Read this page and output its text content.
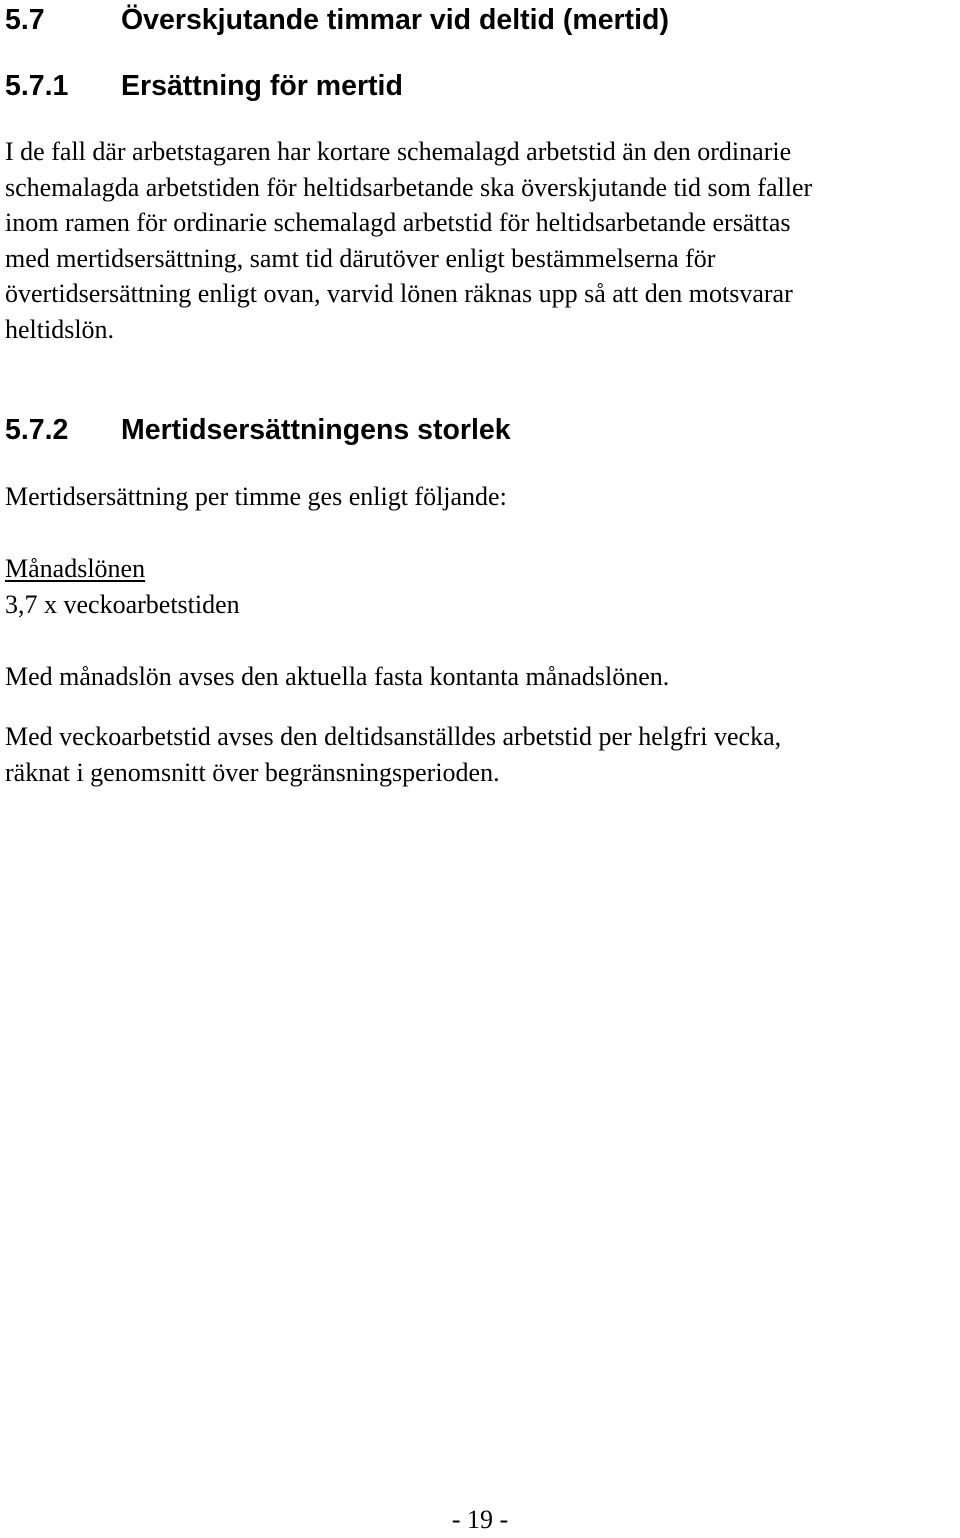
5.7	Överskjutande timmar vid deltid (mertid)
5.7.1 Ersättning för mertid
I de fall där arbetstagaren har kortare schemalagd arbetstid än den ordinarie
schemalagda arbetstiden för heltidsarbetande ska överskjutande tid som faller
inom ramen för ordinarie schemalagd arbetstid för heltidsarbetande ersättas
med mertidsersättning, samt tid därutöver enligt bestämmelserna för
övertidsersättning enligt ovan, varvid lönen räknas upp så att den motsvarar
heltidslön.
5.7.2 Mertidsersättningens storlek
Mertidsersättning per timme ges enligt följande:
Månadslönen
3,7 x veckoarbetstiden
Med månadslön avses den aktuella fasta kontanta månadslönen.
Med veckoarbetstid avses den deltidsanställdes arbetstid per helgfri vecka,
räknat i genomsnitt över begränsningsperioden.
- 19 -
